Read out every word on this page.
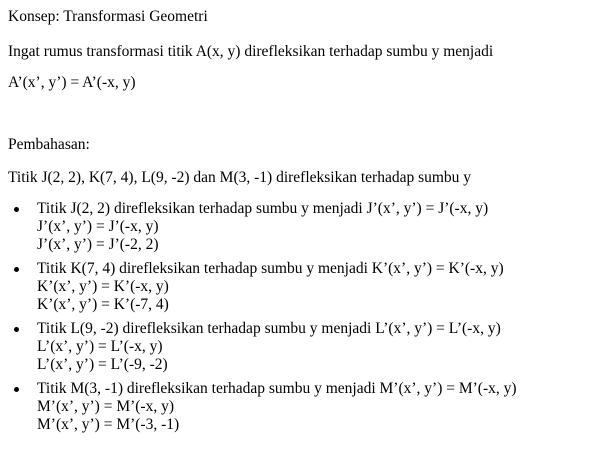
Konsep: Transformasi Geometri
Ingat rumus transformasi titik A(x, y) direfleksikan terhadap sumbu y menjadi
A’(x’, y’) = A’(-x, y)
Pembahasan:
Titik J(2, 2), K(7, 4), L(9, -2) dan M(3, -1) direfleksikan terhadap sumbu y
Titik J(2, 2) direfleksikan terhadap sumbu y menjadi J’(x’, y’) = J’(-x, y)
J’(x’, y’) = J’(-x, y)
J’(x’, y’) = J’(-2, 2)
Titik K(7, 4) direfleksikan terhadap sumbu y menjadi K’(x’, y’) = K’(-x, y)
K’(x’, y’) = K’(-x, y)
K’(x’, y’) = K’(-7, 4)
Titik L(9, -2) direfleksikan terhadap sumbu y menjadi L’(x’, y’) = L’(-x, y)
L’(x’, y’) = L’(-x, y)
L’(x’, y’) = L’(-9, -2)
Titik M(3, -1) direfleksikan terhadap sumbu y menjadi M’(x’, y’) = M’(-x, y)
M’(x’, y’) = M’(-x, y)
M’(x’, y’) = M’(-3, -1)
